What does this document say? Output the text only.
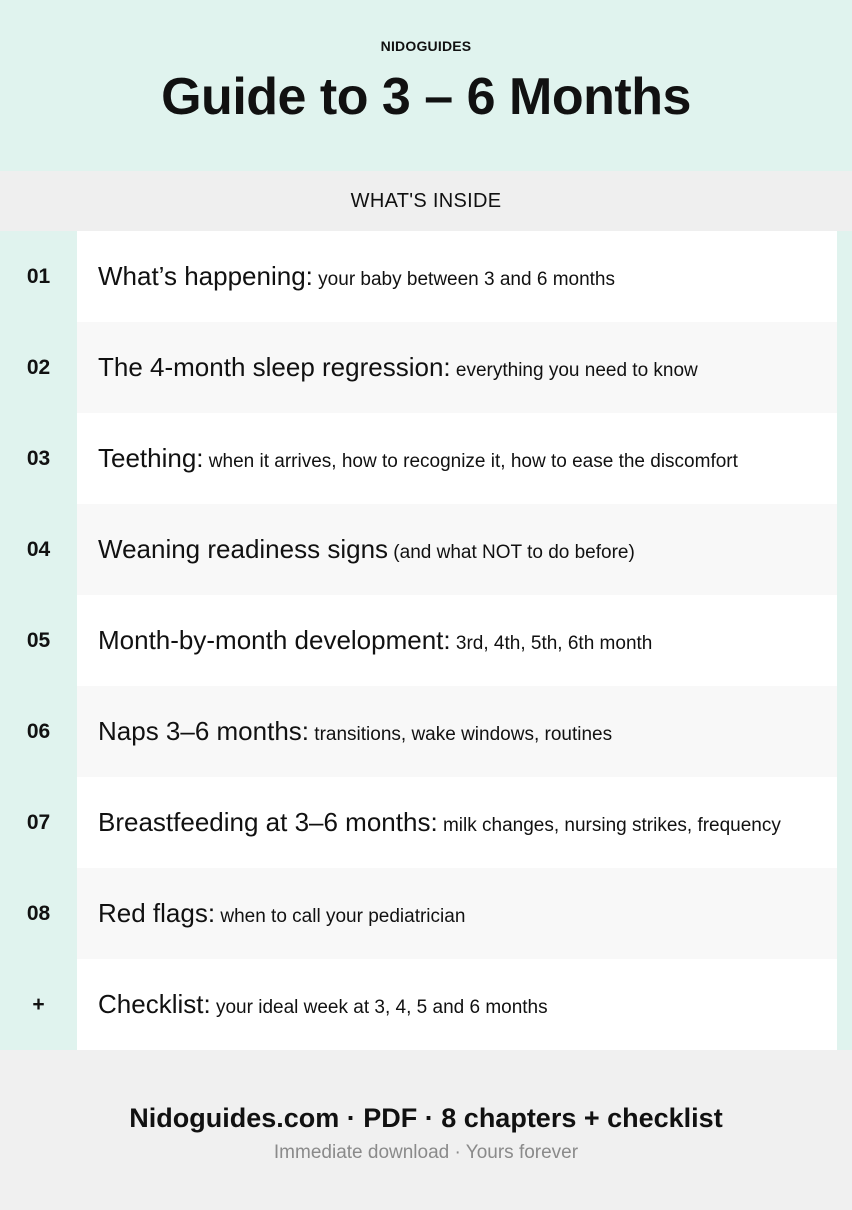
NIDOGUIDES

Guide to 3 – 6 Months
WHAT'S INSIDE
01	What’s happening: your baby between 3 and 6 months
02	The 4-month sleep regression: everything you need to know
03	Teething: when it arrives, how to recognize it, how to ease the discomfort
04	Weaning readiness signs (and what NOT to do before)
05	Month-by-month development: 3rd, 4th, 5th, 6th month
06	Naps 3–6 months: transitions, wake windows, routines
07	Breastfeeding at 3–6 months: milk changes, nursing strikes, frequency
08	Red flags: when to call your pediatrician
+	Checklist: your ideal week at 3, 4, 5 and 6 months
Nidoguides.com · PDF · 8 chapters + checklist
Immediate download · Yours forever
